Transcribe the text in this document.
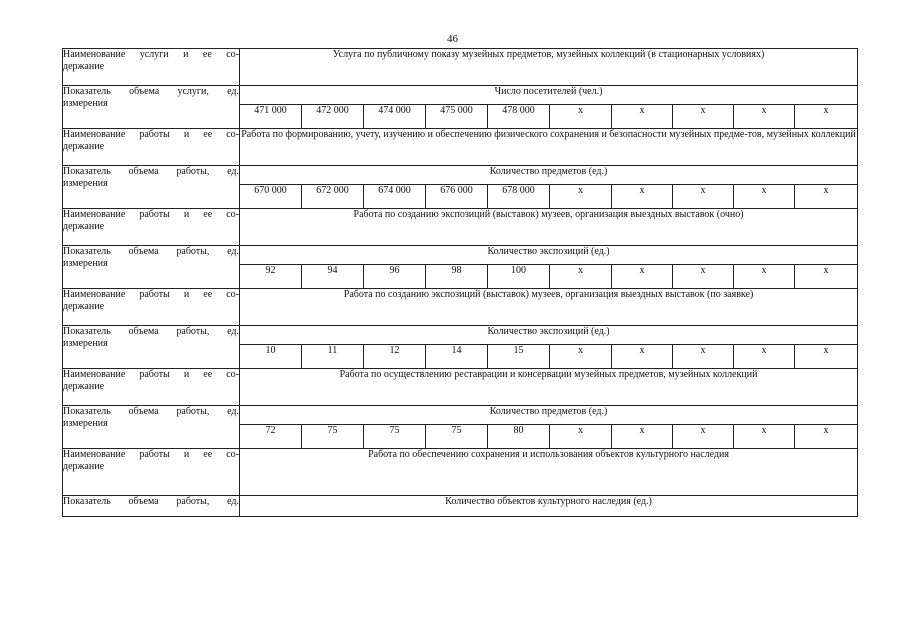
46
Наименование услуги и ее со-
держание	Услуга по публичному показу музейных предметов, музейных коллекций (в стационарных условиях)									

Показатель объема услуги, ед.
измерения	Число посетителей (чел.)									
	471 000	472 000	474 000	475 000	478 000	x	x	x	x	x

Наименование работы и ее со-
держание	Работа по формированию, учету, изучению и обеспечению физического сохранения и безопасности музейных предме-тов, музейных коллекций									

Показатель объема работы, ед.
измерения	Количество предметов (ед.)									
	670 000	672 000	674 000	676 000	678 000	x	x	x	x	x

Наименование работы и ее со-
держание	Работа по созданию экспозиций (выставок) музеев, организация выездных выставок (очно)									

Показатель объема работы, ед.
измерения	Количество экспозиций (ед.)									
	92	94	96	98	100	x	x	x	x	x

Наименование работы и ее со-
держание	Работа по созданию экспозиций (выставок) музеев, организация выездных выставок (по заявке)									

Показатель объема работы, ед.
измерения	Количество экспозиций (ед.)									
	10	11	12	14	15	x	x	x	x	x

Наименование работы и ее со-
держание	Работа по осуществлению реставрации и консервации музейных предметов, музейных коллекций									

Показатель объема работы, ед.
измерения	Количество предметов (ед.)									
	72	75	75	75	80	x	x	x	x	x

Наименование работы и ее со-
держание	Работа по обеспечению сохранения и использования объектов культурного наследия									

Показатель объема работы, ед.	Количество объектов культурного наследия (ед.)									
